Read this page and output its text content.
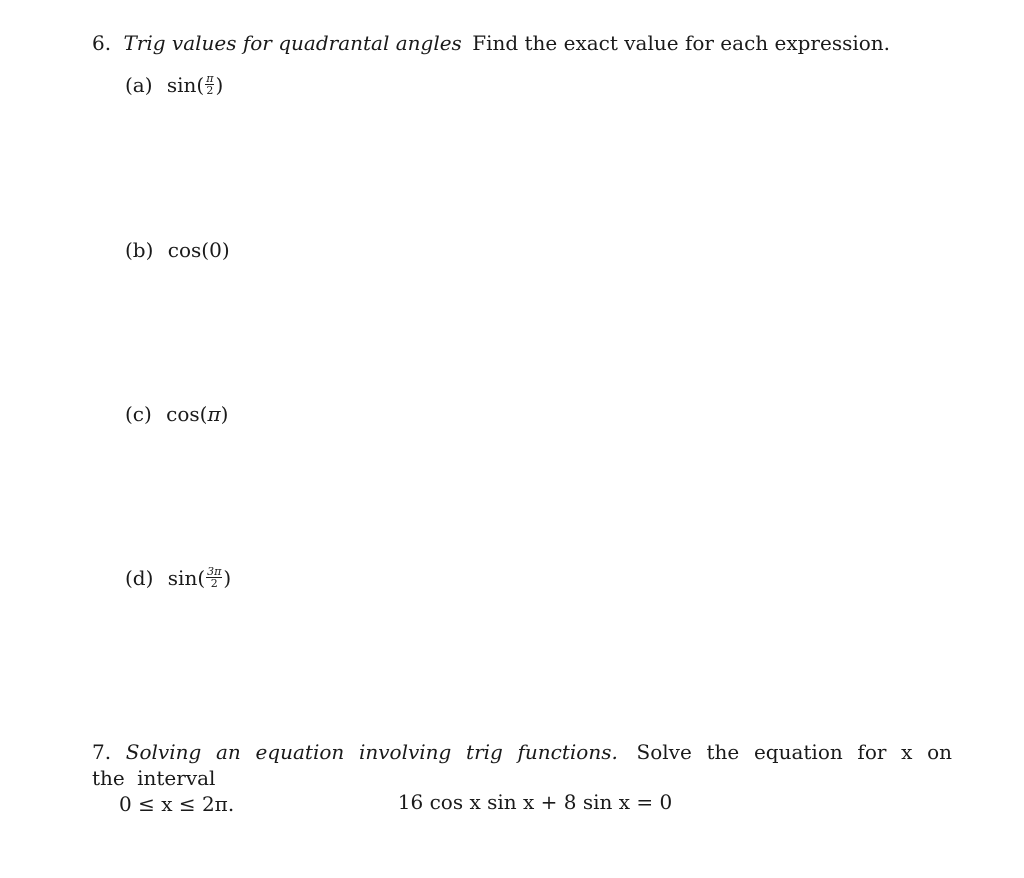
6. Trig values for quadrantal angles Find the exact value for each expression.
(a) $\sin( \frac{\pi}{2}$ )
(b) cos(0)
(c) cos(π)
(d) $\sin( \frac{3\pi}{2}$ )
7. Solving an equation involving trig functions. Solve the equation for x on the interval
0 ≤ x ≤ 2π.	16 cos x sin x + 8 sin x = 0
